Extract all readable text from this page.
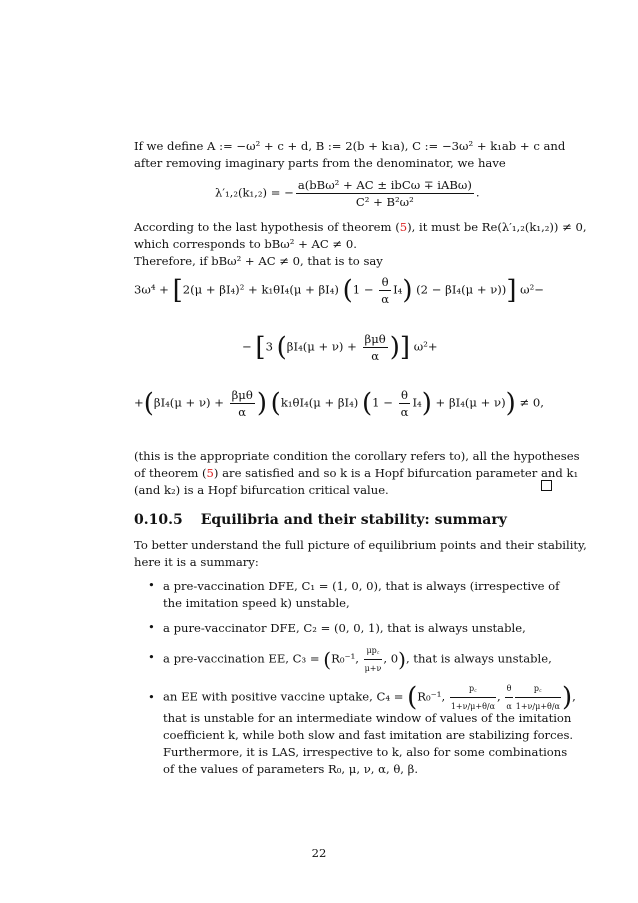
If we define A := −ω² + c + d, B := 2(b + k₁a), C := −3ω² + k₁ab + c and
after removing imaginary parts from the denominator, we have
λ′₁,₂(k₁,₂) = − $\frac{\text{a(bBω² + AC ± ibCω ∓ iABω)}}{\text{C² + B²ω²}}$ .
According to the last hypothesis of theorem (5), it must be Re(λ′₁,₂(k₁,₂)) ≠ 0,
which corresponds to bBω² + AC ≠ 0.
Therefore, if bBω² + AC ≠ 0, that is to say
3ω⁴ + [2(μ + βI₄)² + k₁θI₄(μ + βI₄) $(1 - \frac{\theta}{\alpha} I_4)$ (2 − βI₄(μ + ν))] ω²−
− [3 ($\beta I_4(\mu + \nu) + \frac{\text{βμθ}}{\alpha}$ )] ω²+
$+(\beta I_4(\mu + \nu) + \frac{\text{βμθ}}{\alpha}$ ) (k₁θI₄(μ + βI₄) $(1 - \frac{\theta}{\alpha} I_4) + \beta I_4(\mu + \nu)) \ne 0$,
(this is the appropriate condition the corollary refers to), all the hypotheses
of theorem (5) are satisfied and so k is a Hopf bifurcation parameter and k₁
(and k₂) is a Hopf bifurcation critical value.
0.10.5 Equilibria and their stability: summary
To better understand the full picture of equilibrium points and their stability,
here it is a summary:
• a pre-vaccination DFE, C₁ = (1, 0, 0), that is always (irrespective of
the imitation speed k) unstable,
• a pure-vaccinator DFE, C₂ = (0, 0, 1), that is always unstable,
• a pre-vaccination EE, C₃ = (R₀⁻¹, $\frac{\mu p꜀}{\mu+\nu}$ , 0), that is always unstable,
• an EE with positive vaccine uptake, C₄ = (R₀⁻¹, $\frac{p꜀}{1+\nu/\mu+\theta/\alpha}$ , $\frac{\theta}{\alpha} \frac{p꜀}{1+\nu/\mu+\theta/\alpha}$ ),
that is unstable for an intermediate window of values of the imitation
coefficient k, while both slow and fast imitation are stabilizing forces.
Furthermore, it is LAS, irrespective to k, also for some combinations
of the values of parameters R₀, μ, ν, α, θ, β.
22
